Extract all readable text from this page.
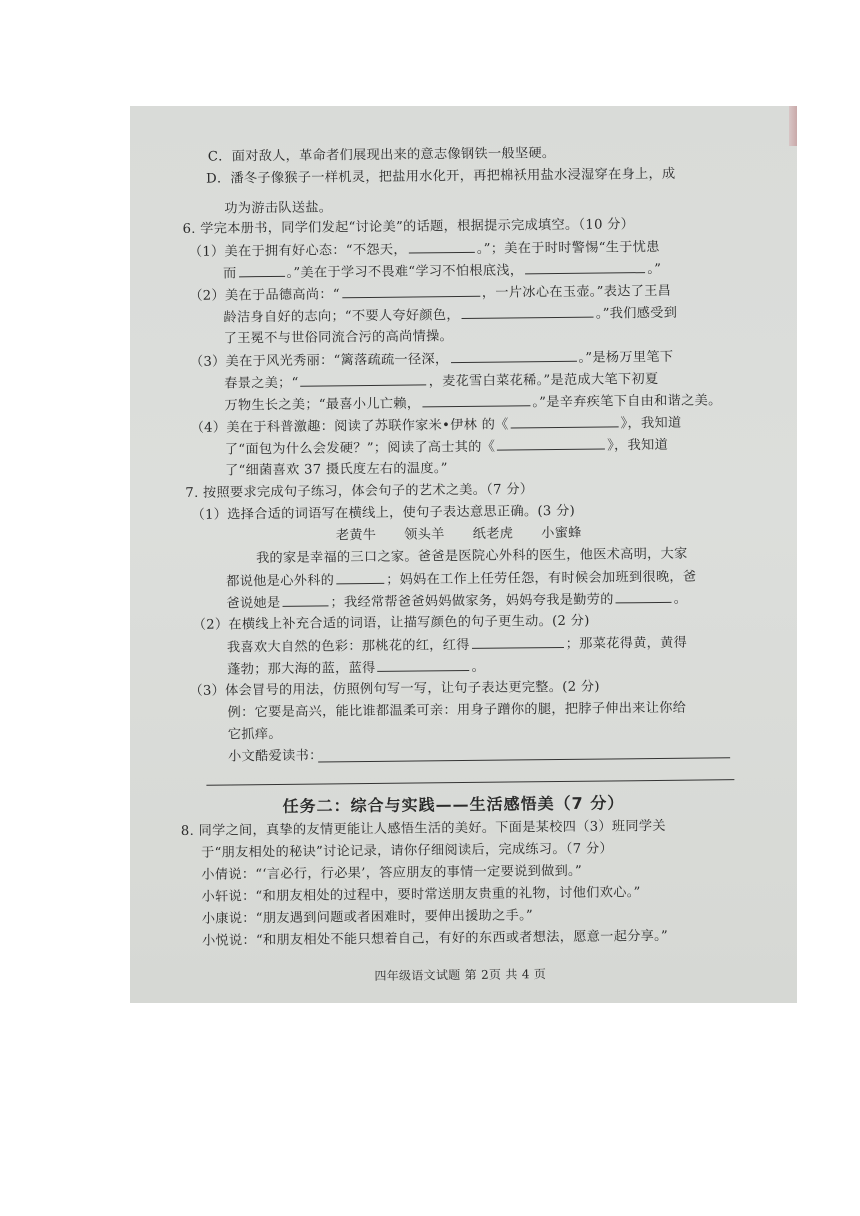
C．面对敌人，革命者们展现出来的意志像钢铁一般坚硬。
D．潘冬子像猴子一样机灵，把盐用水化开，再把棉袄用盐水浸湿穿在身上，成
功为游击队送盐。
6. 学完本册书，同学们发起“讨论美”的话题，根据提示完成填空。（10 分）
（1）美在于拥有好心态：“不怨天，	。”；美在于时时警惕“生于忧患
而	。”美在于学习不畏难“学习不怕根底浅，	。”
（2）美在于品德高尚：“	，一片冰心在玉壶。”表达了王昌
龄洁身自好的志向；“不要人夸好颜色，	。”我们感受到
了王冕不与世俗同流合污的高尚情操。
（3）美在于风光秀丽：“篱落疏疏一径深，	。”是杨万里笔下
春景之美；“	，麦花雪白菜花稀。”是范成大笔下初夏
万物生长之美；“最喜小儿亡赖，	。”是辛弃疾笔下自由和谐之美。
（4）美在于科普激趣：阅读了苏联作家米•伊林 的《	》，我知道
了“面包为什么会发硬？”；阅读了高士其的《	》，我知道
了“细菌喜欢 37 摄氏度左右的温度。”
7. 按照要求完成句子练习，体会句子的艺术之美。（7 分）
（1）选择合适的词语写在横线上，使句子表达意思正确。(3 分)
老黄牛 领头羊 纸老虎 小蜜蜂
我的家是幸福的三口之家。爸爸是医院心外科的医生，他医术高明，大家
都说他是心外科的	；妈妈在工作上任劳任怨，有时候会加班到很晚，爸
爸说她是	；我经常帮爸爸妈妈做家务，妈妈夸我是勤劳的	。
（2）在横线上补充合适的词语，让描写颜色的句子更生动。(2 分)
我喜欢大自然的色彩：那桃花的红，红得	；那菜花得黄，黄得
蓬勃；那大海的蓝，蓝得	。
（3）体会冒号的用法，仿照例句写一写，让句子表达更完整。(2 分)
例：它要是高兴，能比谁都温柔可亲：用身子蹭你的腿，把脖子伸出来让你给
它抓痒。
小文酷爱读书：
任务二：综合与实践——生活感悟美（7 分）
8. 同学之间，真挚的友情更能让人感悟生活的美好。下面是某校四（3）班同学关
于“朋友相处的秘诀”讨论记录，请你仔细阅读后，完成练习。（7 分）
小倩说：“‘言必行，行必果’，答应朋友的事情一定要说到做到。”
小轩说：“和朋友相处的过程中，要时常送朋友贵重的礼物，讨他们欢心。”
小康说：“朋友遇到问题或者困难时，要伸出援助之手。”
小悦说：“和朋友相处不能只想着自己，有好的东西或者想法，愿意一起分享。”
四年级语文试题 第 2页 共 4 页
